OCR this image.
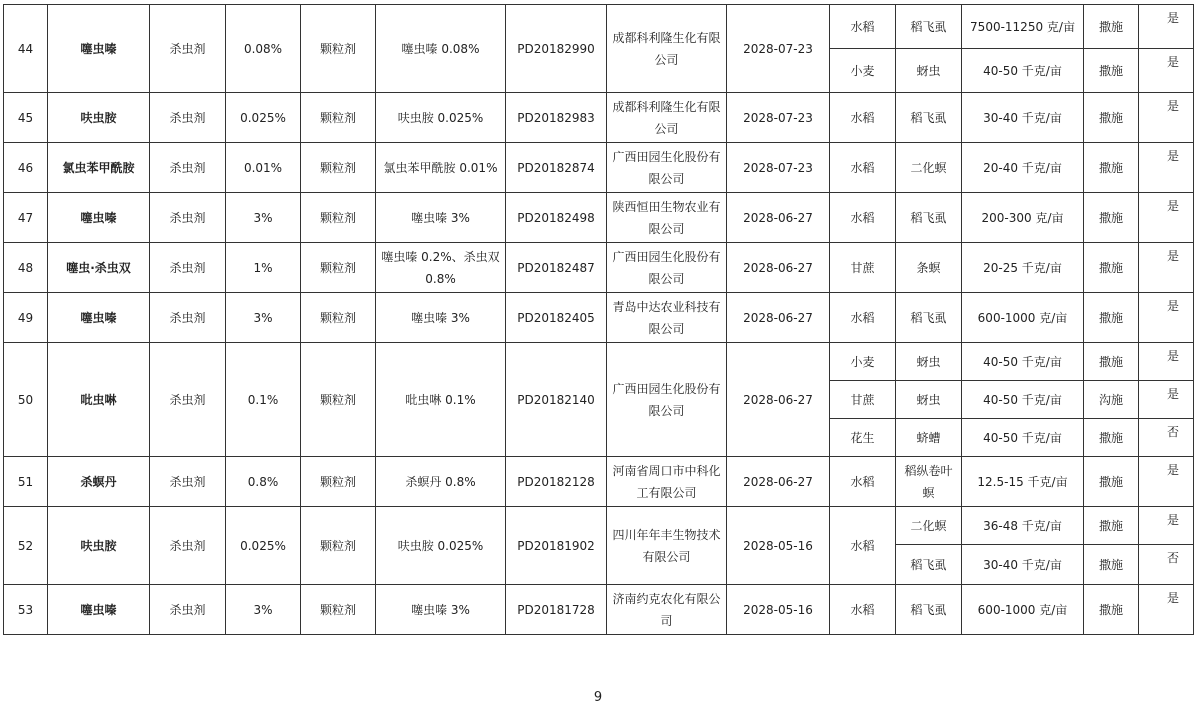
44	噻虫嗪	杀虫剂	0.08%	颗粒剂	噻虫嗪 0.08%	PD20182990	成都科利隆生化有限公司	2028-07-23	水稻	稻飞虱	7500-11250 克/亩	撒施	是
									小麦	蚜虫	40-50 千克/亩	撒施	是
45	呋虫胺	杀虫剂	0.025%	颗粒剂	呋虫胺 0.025%	PD20182983	成都科利隆生化有限公司	2028-07-23	水稻	稻飞虱	30-40 千克/亩	撒施	是
46	氯虫苯甲酰胺	杀虫剂	0.01%	颗粒剂	氯虫苯甲酰胺 0.01%	PD20182874	广西田园生化股份有限公司	2028-07-23	水稻	二化螟	20-40 千克/亩	撒施	是
47	噻虫嗪	杀虫剂	3%	颗粒剂	噻虫嗪 3%	PD20182498	陕西恒田生物农业有限公司	2028-06-27	水稻	稻飞虱	200-300 克/亩	撒施	是
48	噻虫·杀虫双	杀虫剂	1%	颗粒剂	噻虫嗪 0.2%、杀虫双 0.8%	PD20182487	广西田园生化股份有限公司	2028-06-27	甘蔗	条螟	20-25 千克/亩	撒施	是
49	噻虫嗪	杀虫剂	3%	颗粒剂	噻虫嗪 3%	PD20182405	青岛中达农业科技有限公司	2028-06-27	水稻	稻飞虱	600-1000 克/亩	撒施	是
50	吡虫啉	杀虫剂	0.1%	颗粒剂	吡虫啉 0.1%	PD20182140	广西田园生化股份有限公司	2028-06-27	小麦	蚜虫	40-50 千克/亩	撒施	是
									甘蔗	蚜虫	40-50 千克/亩	沟施	是
									花生	蛴螬	40-50 千克/亩	撒施	否
51	杀螟丹	杀虫剂	0.8%	颗粒剂	杀螟丹 0.8%	PD20182128	河南省周口市中科化工有限公司	2028-06-27	水稻	稻纵卷叶螟	12.5-15 千克/亩	撒施	是
52	呋虫胺	杀虫剂	0.025%	颗粒剂	呋虫胺 0.025%	PD20181902	四川年年丰生物技术有限公司	2028-05-16	水稻	二化螟	36-48 千克/亩	撒施	是
										稻飞虱	30-40 千克/亩	撒施	否
53	噻虫嗪	杀虫剂	3%	颗粒剂	噻虫嗪 3%	PD20181728	济南约克农化有限公司	2028-05-16	水稻	稻飞虱	600-1000 克/亩	撒施	是
9
